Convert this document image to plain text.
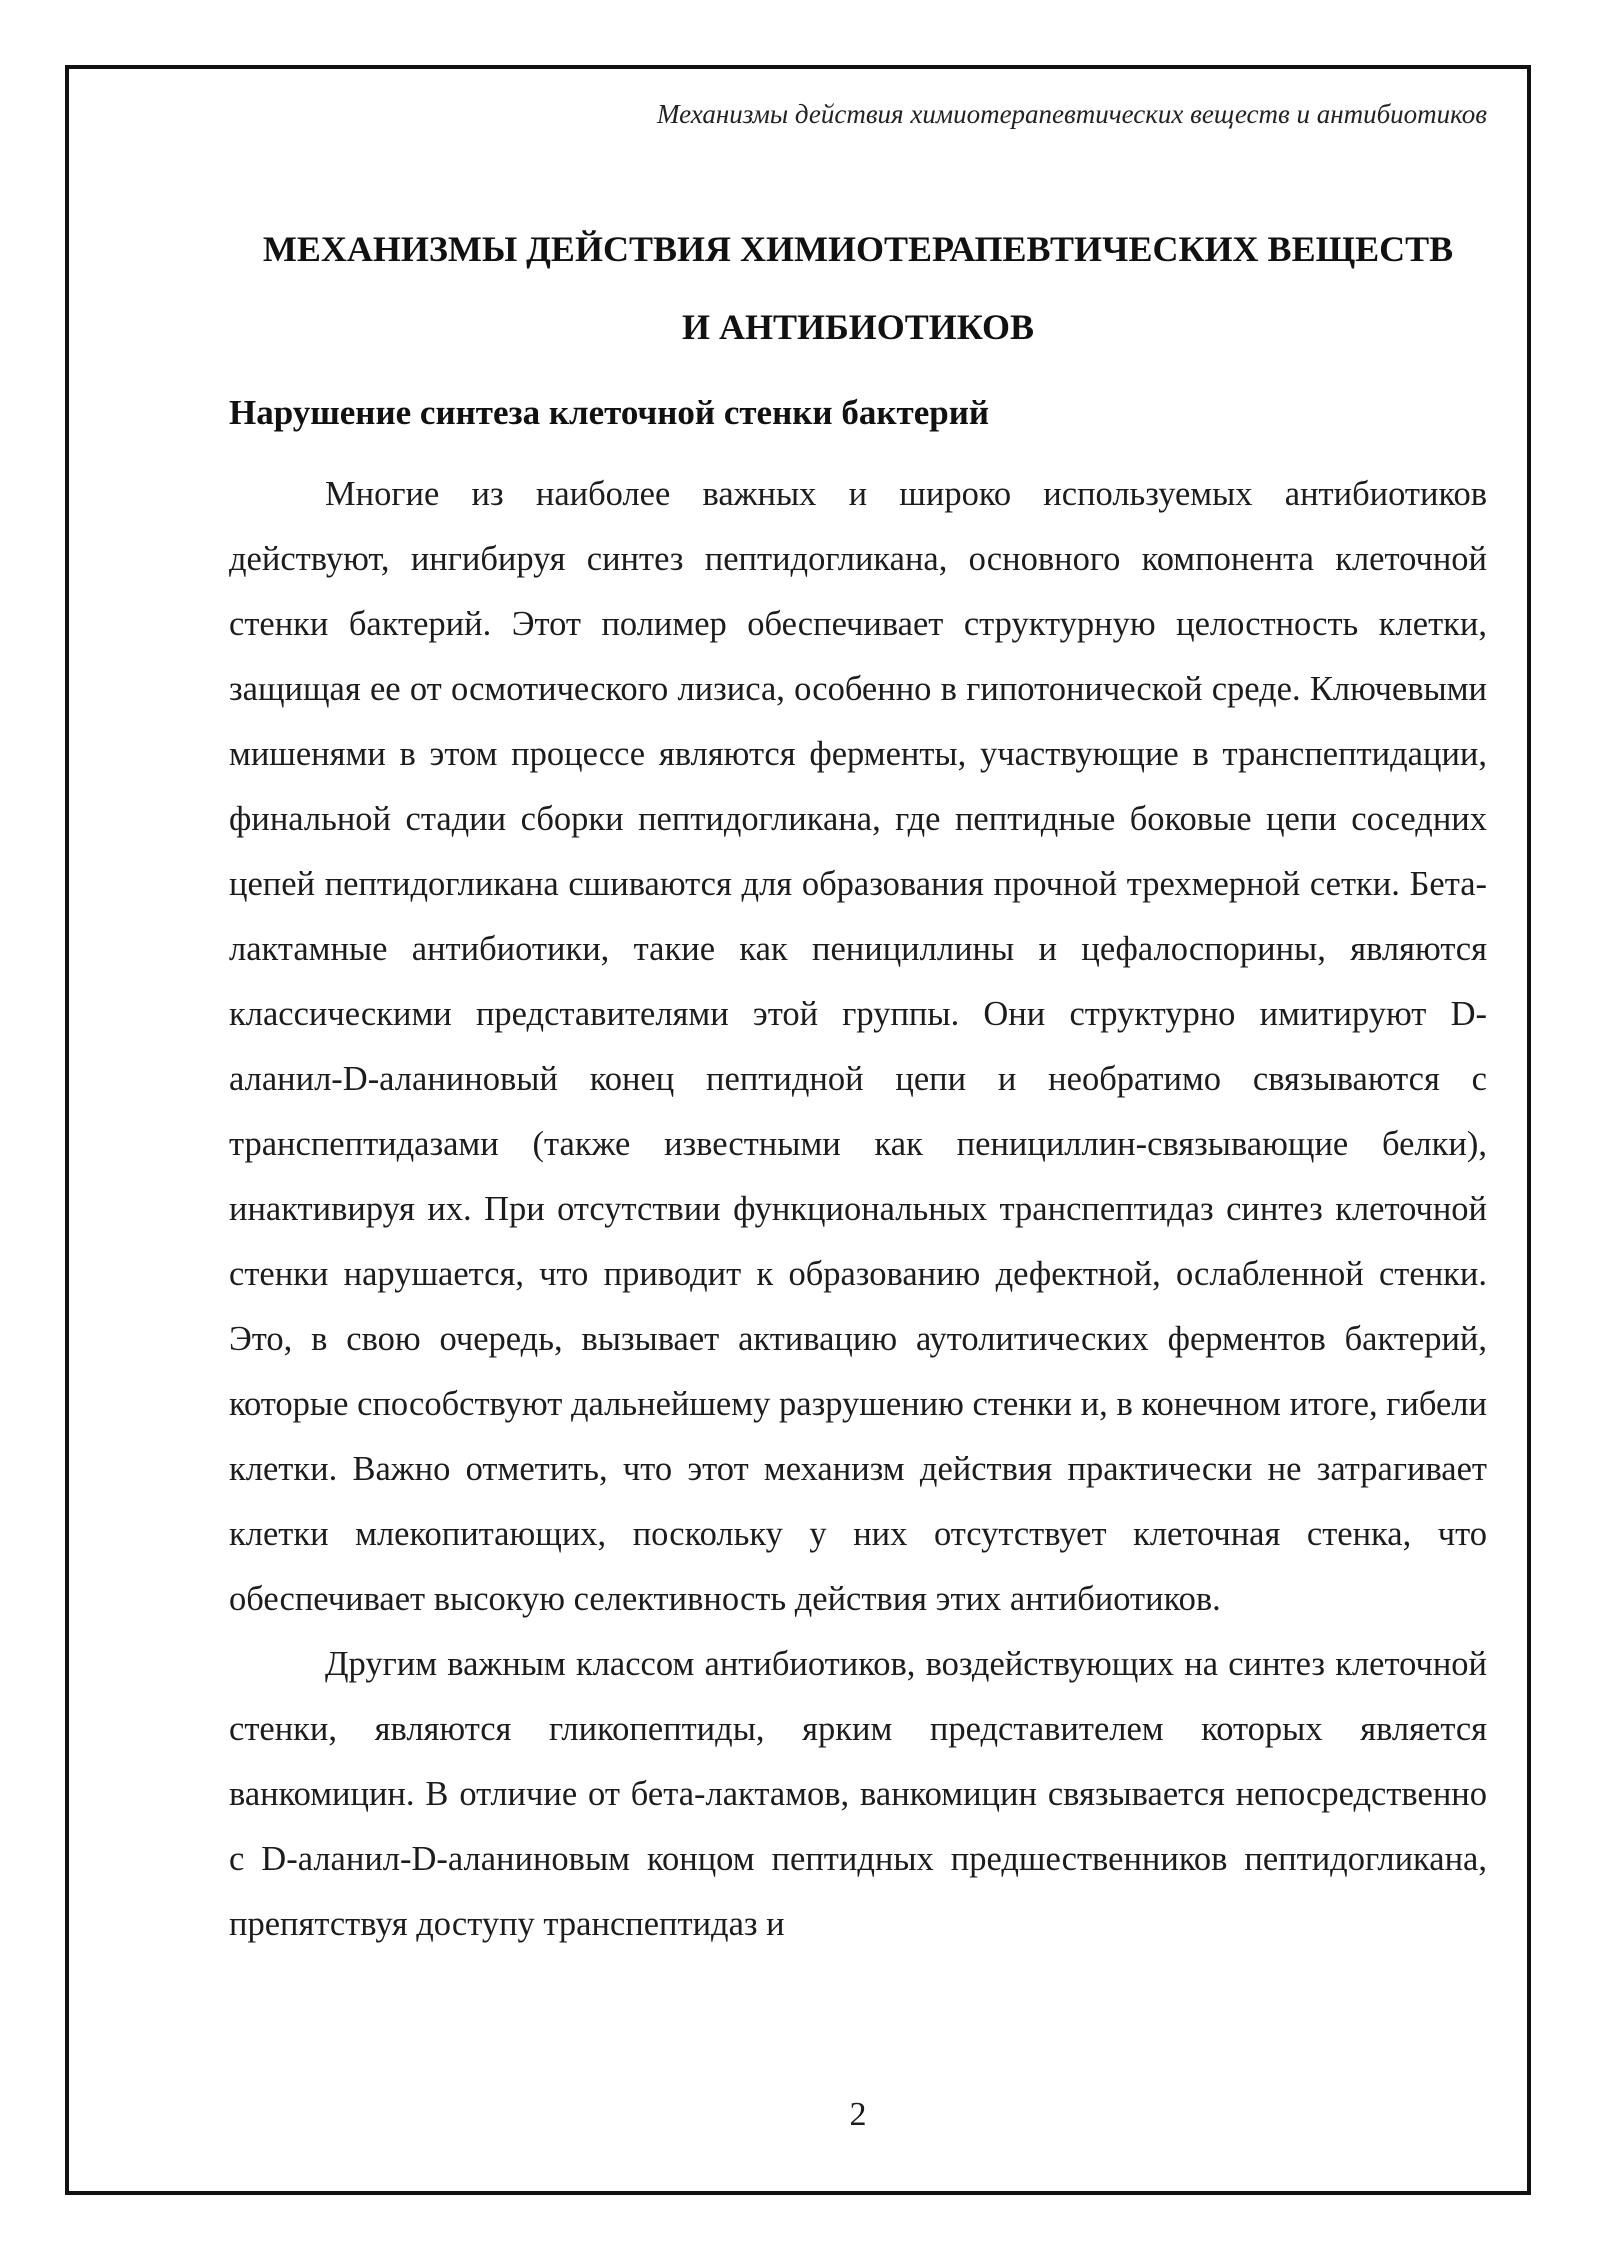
Механизмы действия химиотерапевтических веществ и антибиотиков
МЕХАНИЗМЫ ДЕЙСТВИЯ ХИМИОТЕРАПЕВТИЧЕСКИХ ВЕЩЕСТВ
И АНТИБИОТИКОВ
Нарушение синтеза клеточной стенки бактерий

Многие из наиболее важных и широко используемых антибиотиков действуют, ингибируя синтез пептидогликана, основного компонента клеточной стенки бактерий. Этот полимер обеспечивает структурную целостность клетки, защищая ее от осмотического лизиса, особенно в гипотонической среде. Ключевыми мишенями в этом процессе являются ферменты, участвующие в транспептидации, финальной стадии сборки пептидогликана, где пептидные боковые цепи соседних цепей пептидогликана сшиваются для образования прочной трехмерной сетки. Бета-лактамные антибиотики, такие как пенициллины и цефалоспорины, являются классическими представителями этой группы. Они структурно имитируют D-аланил-D-аланиновый конец пептидной цепи и необратимо связываются с транспептидазами (также известными как пенициллин-связывающие белки), инактивируя их. При отсутствии функциональных транспептидаз синтез клеточной стенки нарушается, что приводит к образованию дефектной, ослабленной стенки. Это, в свою очередь, вызывает активацию аутолитических ферментов бактерий, которые способствуют дальнейшему разрушению стенки и, в конечном итоге, гибели клетки. Важно отметить, что этот механизм действия практически не затрагивает клетки млекопитающих, поскольку у них отсутствует клеточная стенка, что обеспечивает высокую селективность действия этих антибиотиков.

Другим важным классом антибиотиков, воздействующих на синтез клеточной стенки, являются гликопептиды, ярким представителем которых является ванкомицин. В отличие от бета-лактамов, ванкомицин связывается непосредственно с D-аланил-D-аланиновым концом пептидных предшественников пептидогликана, препятствуя доступу транспептидаз и

2
